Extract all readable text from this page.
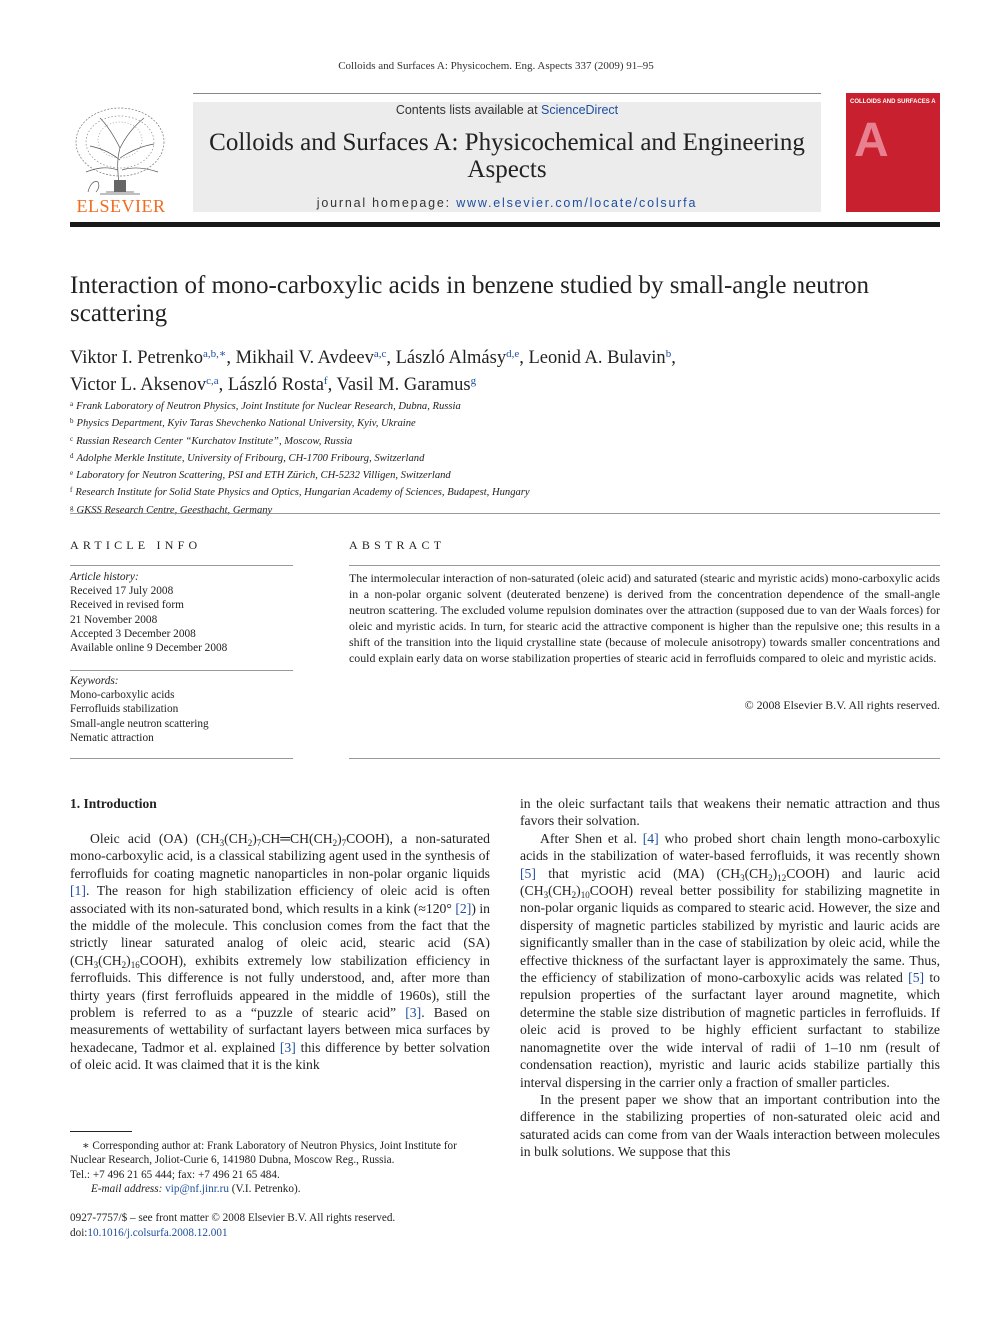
Colloids and Surfaces A: Physicochem. Eng. Aspects 337 (2009) 91–95
ELSEVIER
Contents lists available at ScienceDirect
Colloids and Surfaces A: Physicochemical and Engineering Aspects
journal homepage: www.elsevier.com/locate/colsurfa
COLLOIDS AND SURFACES A
A
Interaction of mono-carboxylic acids in benzene studied by small-angle neutron scattering
Viktor I. Petrenko$^{a,b,∗}$, Mikhail V. Avdeev$^{a,c}$, László Almásy$^{d,e}$, Leonid A. Bulavin$^b$,
Victor L. Aksenov$^{c,a}$, László Rosta$^f$, Vasil M. Garamus$^g$
$^a$ Frank Laboratory of Neutron Physics, Joint Institute for Nuclear Research, Dubna, Russia
$^b$ Physics Department, Kyiv Taras Shevchenko National University, Kyiv, Ukraine
$^c$ Russian Research Center “Kurchatov Institute”, Moscow, Russia
$^d$ Adolphe Merkle Institute, University of Fribourg, CH-1700 Fribourg, Switzerland
$^e$ Laboratory for Neutron Scattering, PSI and ETH Zürich, CH-5232 Villigen, Switzerland
$^f$ Research Institute for Solid State Physics and Optics, Hungarian Academy of Sciences, Budapest, Hungary
$^g$ GKSS Research Centre, Geesthacht, Germany
ARTICLE INFO
Article history:
Received 17 July 2008
Received in revised form
21 November 2008
Accepted 3 December 2008
Available online 9 December 2008
Keywords:
Mono-carboxylic acids
Ferrofluids stabilization
Small-angle neutron scattering
Nematic attraction
ABSTRACT
The intermolecular interaction of non-saturated (oleic acid) and saturated (stearic and myristic acids) mono-carboxylic acids in a non-polar organic solvent (deuterated benzene) is derived from the concentration dependence of the small-angle neutron scattering. The excluded volume repulsion dominates over the attraction (supposed due to van der Waals forces) for oleic and myristic acids. In turn, for stearic acid the attractive component is higher than the repulsive one; this results in a shift of the transition into the liquid crystalline state (because of molecule anisotropy) towards smaller concentrations and could explain early data on worse stabilization properties of stearic acid in ferrofluids compared to oleic and myristic acids.
© 2008 Elsevier B.V. All rights reserved.
1. Introduction

Oleic acid (OA) $(CH_3(CH_2)_7CH═CH(CH_2)_7COOH)$, a non-saturated mono-carboxylic acid, is a classical stabilizing agent used in the synthesis of ferrofluids for coating magnetic nanoparticles in non-polar organic liquids [1]. The reason for high stabilization efficiency of oleic acid is often associated with its non-saturated bond, which results in a kink (≈120° [2]) in the middle of the molecule. This conclusion comes from the fact that the strictly linear saturated analog of oleic acid, stearic acid (SA) $(CH_3(CH_2)_{16}COOH)$, exhibits extremely low stabilization efficiency in ferrofluids. This difference is not fully understood, and, after more than thirty years (first ferrofluids appeared in the middle of 1960s), still the problem is referred to as a “puzzle of stearic acid” [3]. Based on measurements of wettability of surfactant layers between mica surfaces by hexadecane, Tadmor et al. explained [3] this difference by better solvation of oleic acid. It was claimed that it is the kink

in the oleic surfactant tails that weakens their nematic attraction and thus favors their solvation.

After Shen et al. [4] who probed short chain length mono-carboxylic acids in the stabilization of water-based ferrofluids, it was recently shown [5] that myristic acid (MA) $(CH_3(CH_2)_{12}COOH)$ and lauric acid $(CH_3(CH_2)_{10}COOH)$ reveal better possibility for stabilizing magnetite in non-polar organic liquids as compared to stearic acid. However, the size and dispersity of magnetic particles stabilized by myristic and lauric acids are significantly smaller than in the case of stabilization by oleic acid, while the effective thickness of the surfactant layer is approximately the same. Thus, the efficiency of stabilization of mono-carboxylic acids was related [5] to repulsion properties of the surfactant layer around magnetite, which determine the stable size distribution of magnetic particles in ferrofluids. If oleic acid is proved to be highly efficient surfactant to stabilize nanomagnetite over the wide interval of radii of 1–10 nm (result of condensation reaction), myristic and lauric acids stabilize partially this interval dispersing in the carrier only a fraction of smaller particles.

In the present paper we show that an important contribution into the difference in the stabilizing properties of non-saturated oleic acid and saturated acids can come from van der Waals interaction between molecules in bulk solutions. We suppose that this

∗ Corresponding author at: Frank Laboratory of Neutron Physics, Joint Institute for Nuclear Research, Joliot-Curie 6, 141980 Dubna, Moscow Reg., Russia.
Tel.: +7 496 21 65 444; fax: +7 496 21 65 484.
E-mail address: vip@nf.jinr.ru (V.I. Petrenko).
0927-7757/$ – see front matter © 2008 Elsevier B.V. All rights reserved.
doi:10.1016/j.colsurfa.2008.12.001
